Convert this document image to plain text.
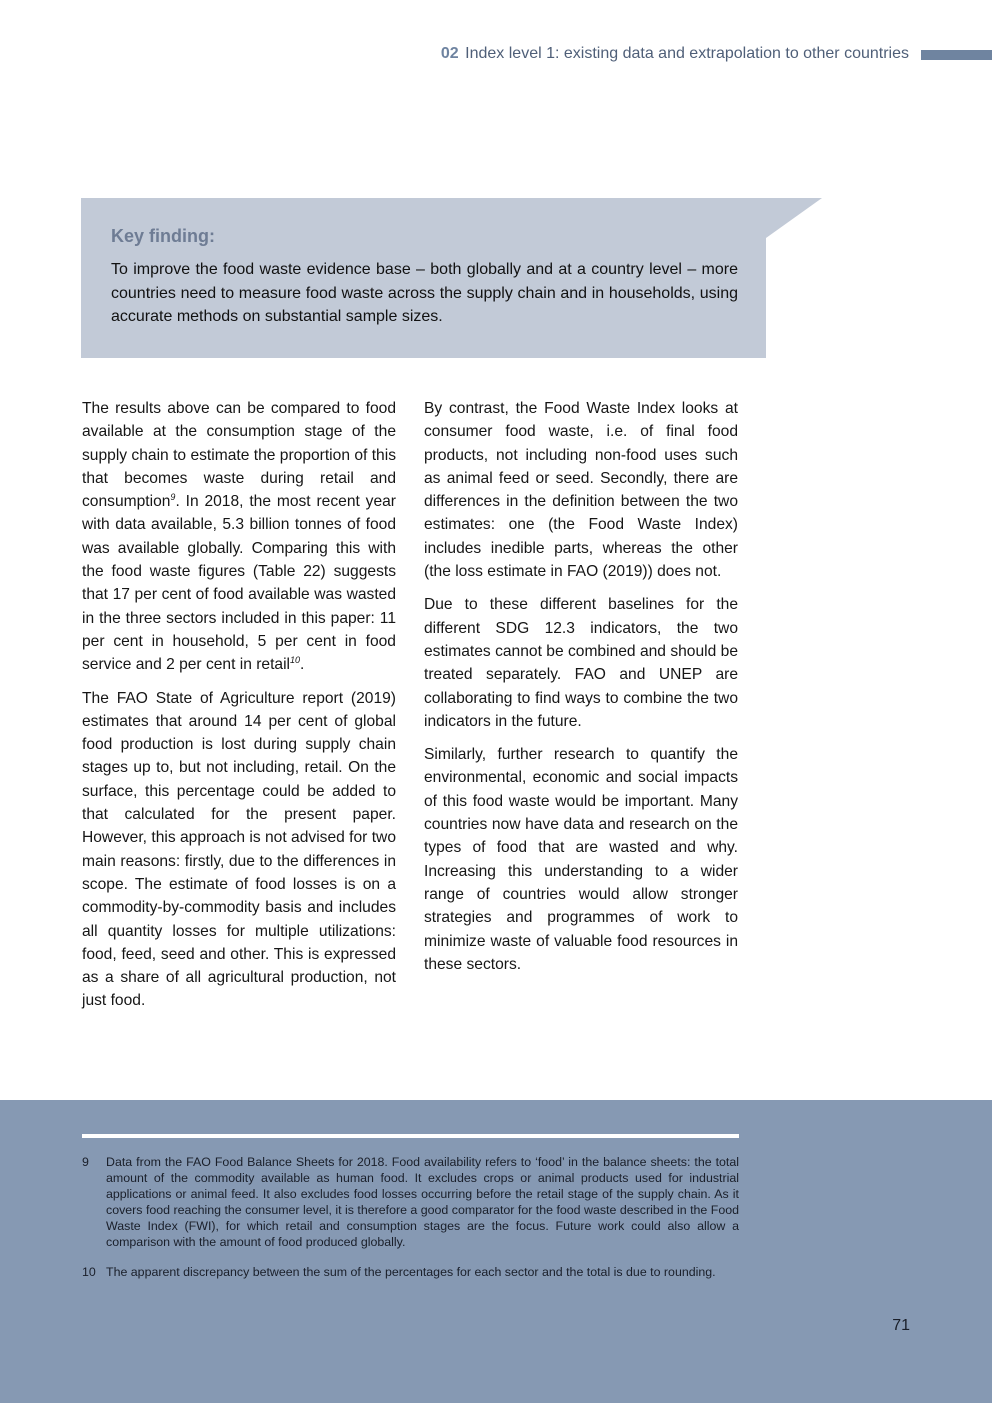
02 Index level 1: existing data and extrapolation to other countries
Key finding:
To improve the food waste evidence base – both globally and at a country level – more countries need to measure food waste across the supply chain and in households, using accurate methods on substantial sample sizes.

The results above can be compared to food available at the consumption stage of the supply chain to estimate the proportion of this that becomes waste during retail and consumption$^9$. In 2018, the most recent year with data available, 5.3 billion tonnes of food was available globally. Comparing this with the food waste figures (Table 22) suggests that 17 per cent of food available was wasted in the three sectors included in this paper: 11 per cent in household, 5 per cent in food service and 2 per cent in retail$^{10}$.

The FAO State of Agriculture report (2019) estimates that around 14 per cent of global food production is lost during supply chain stages up to, but not including, retail. On the surface, this percentage could be added to that calculated for the present paper. However, this approach is not advised for two main reasons: firstly, due to the differences in scope. The estimate of food losses is on a commodity-by-commodity basis and includes all quantity losses for multiple utilizations: food, feed, seed and other. This is expressed as a share of all agricultural production, not just food.

By contrast, the Food Waste Index looks at consumer food waste, i.e. of final food products, not including non-food uses such as animal feed or seed. Secondly, there are differences in the definition between the two estimates: one (the Food Waste Index) includes inedible parts, whereas the other (the loss estimate in FAO (2019)) does not.

Due to these different baselines for the different SDG 12.3 indicators, the two estimates cannot be combined and should be treated separately. FAO and UNEP are collaborating to find ways to combine the two indicators in the future.

Similarly, further research to quantify the environmental, economic and social impacts of this food waste would be important. Many countries now have data and research on the types of food that are wasted and why. Increasing this understanding to a wider range of countries would allow stronger strategies and programmes of work to minimize waste of valuable food resources in these sectors.

9 Data from the FAO Food Balance Sheets for 2018. Food availability refers to ‘food’ in the balance sheets: the total amount of the commodity available as human food. It excludes crops or animal products used for industrial applications or animal feed. It also excludes food losses occurring before the retail stage of the supply chain. As it covers food reaching the consumer level, it is therefore a good comparator for the food waste described in the Food Waste Index (FWI), for which retail and consumption stages are the focus. Future work could also allow a comparison with the amount of food produced globally.
10 The apparent discrepancy between the sum of the percentages for each sector and the total is due to rounding.
71
